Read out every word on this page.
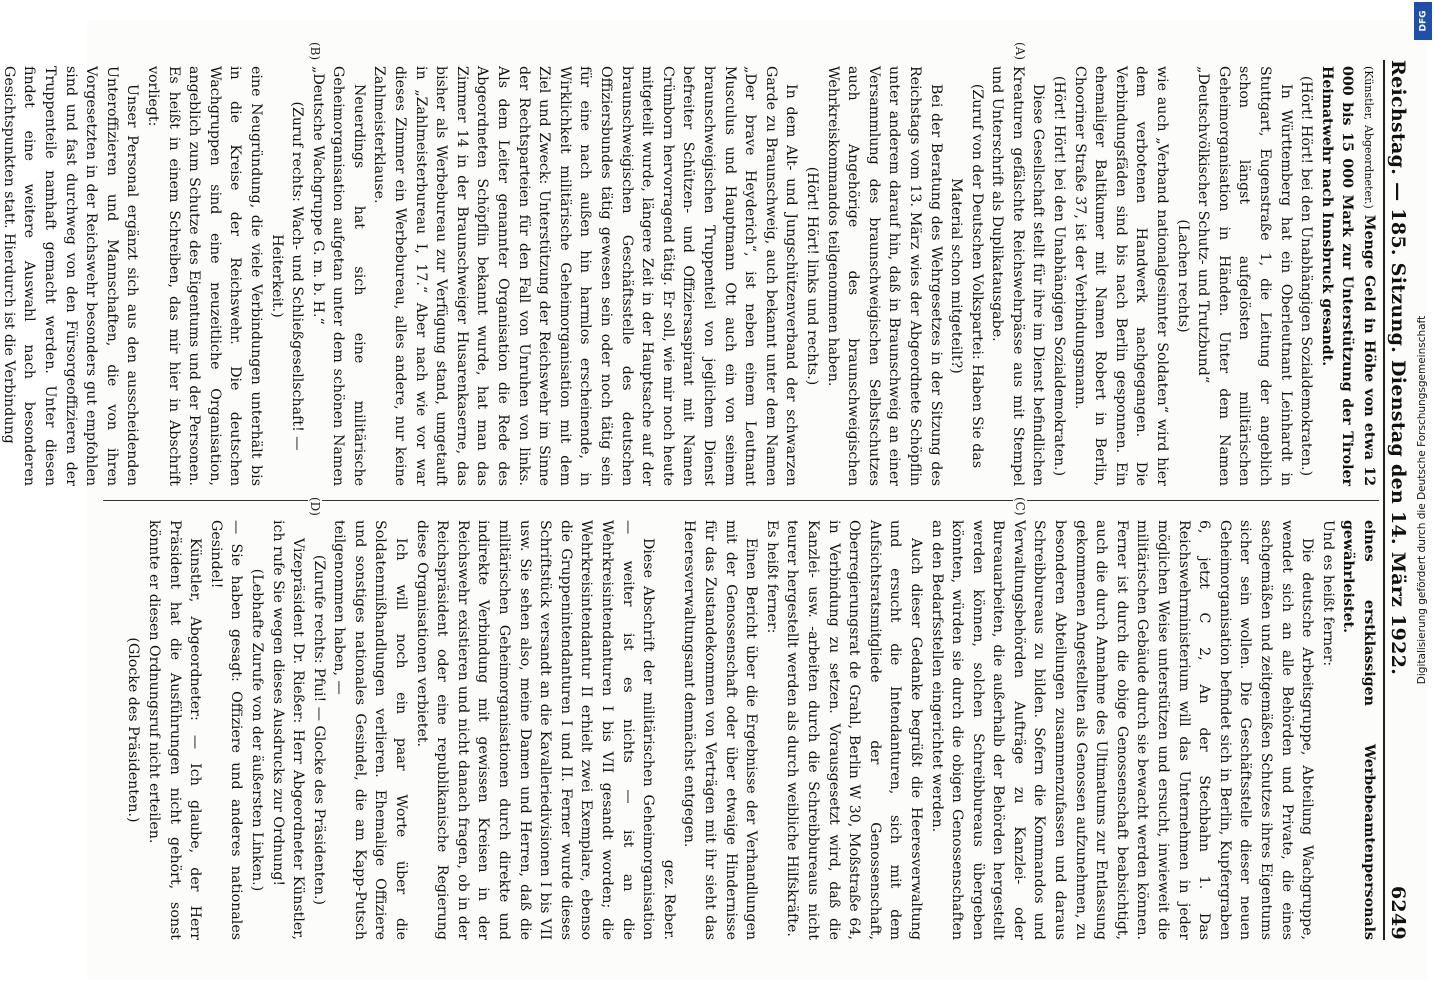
Reichstag. — 185. Sitzung. Dienstag den 14. März 1922.
6249
(A)
(B)

(Künstler, Abgeordneter.) Menge Geld in Höhe von etwa 12 000 bis 15 000 Mark zur Unterstützung der Tiroler Heimatwehr nach Innsbruck gesandt.

(Hört! Hört! bei den Unabhängigen Sozialdemokraten.)

In Württemberg hat ein Oberleutnant Leinhardt in Stuttgart, Eugenstraße 1, die Leitung der angeblich schon längst aufgelösten militärischen Geheimorganisation in Händen. Unter dem Namen „Deutschvölkischer Schutz- und Trutzbund“

(Lachen rechts)

wie auch „Verband nationalgesinnter Soldaten“ wird hier dem verbotenen Handwerk nachgegangen. Die Verbindungsfäden sind bis nach Berlin gesponnen. Ein ehemaliger Baltikumer mit Namen Robert in Berlin, Chooriner Straße 37, ist der Verbindungsmann.

(Hört! Hört! bei den Unabhängigen Sozialdemokraten.)

Diese Gesellschaft stellt für ihre im Dienst befindlichen Kreaturen gefälschte Reichswehrpässe aus mit Stempel und Unterschrift als Duplikatausgabe.

(Zuruf von der Deutschen Volkspartei: Haben Sie das Material schon mitgeteilt?)

Bei der Beratung des Wehrgesetzes in der Sitzung des Reichstags vom 13. März wies der Abgeordnete Schöpflin unter anderem darauf hin, daß in Braunschweig an einer Versammlung des braunschweigischen Selbstschutzes auch Angehörige des braunschweigischen Wehrkreiskommandos teilgenommen haben.

(Hört! Hört! links und rechts.)

In dem Alt- und Jungschützenverband der schwarzen Garde zu Braunschweig, auch bekannt unter dem Namen „Der brave Heyderich“, ist neben einem Leutnant Musculus und Hauptmann Ott auch ein von seinem braunschweigischen Truppenteil von jeglichem Dienst befreiter Schützen- und Offiziersaspirant mit Namen Crümborn hervorragend tätig. Er soll, wie mir noch heute mitgeteilt wurde, längere Zeit in der Hauptsache auf der braunschweigischen Geschäftsstelle des deutschen Offiziersbundes tätig gewesen sein oder noch tätig sein für eine nach außen hin harmlos erscheinende, in Wirklichkeit militärische Geheimorganisation mit dem Ziel und Zweck: Unterstützung der Reichswehr im Sinne der Rechtsparteien für den Fall von Unruhen von links. Als dem Leiter genannter Organisation die Rede des Abgeordneten Schöpflin bekannt wurde, hat man das Zimmer 14 in der Braunschweiger Husarenkaserne, das bisher als Werbebureau zur Verfügung stand, umgetauft in „Zahlmeisterbureau I, 17.“ Aber nach wie vor war dieses Zimmer ein Werbebureau, alles andere, nur keine Zahlmeisterklause.

Neuerdings hat sich eine militärische Geheimorganisation aufgetan unter dem schönen Namen „Deutsche Wachgruppe G. m. b. H.“

(Zuruf rechts: Wach- und Schließgesellschaft! — Heiterkeit.)

eine Neugründung, die viele Verbindungen unterhält bis in die Kreise der Reichswehr. Die deutschen Wachgruppen sind eine neuzeitliche Organisation, angeblich zum Schutze des Eigentums und der Personen. Es heißt in einem Schreiben, das mir hier in Abschrift vorliegt:

Unser Personal ergänzt sich aus den ausscheidenden Unteroffizieren und Mannschaften, die von ihren Vorgesetzten in der Reichswehr besonders gut empfohlen sind und fast durchweg von den Fürsorgeoffizieren der Truppenteile namhaft gemacht werden. Unter diesen findet eine weitere Auswahl nach besonderen Gesichtspunkten statt. Hierdurch ist die Verbindung

(C)
(D)

eines erstklassigen Werbebeamtenpersonals gewährleistet.

Und es heißt ferner:

Die deutsche Arbeitsgruppe, Abteilung Wachgruppe, wendet sich an alle Behörden und Private, die eines sachgemäßen und zeitgemäßen Schutzes ihres Eigentums sicher sein wollen. Die Geschäftsstelle dieser neuen Geheimorganisation befindet sich in Berlin, Kupfergraben 6, jetzt C 2, An der Stechbahn 1. Das Reichswehrministerium will das Unternehmen in jeder möglichen Weise unterstützen und ersucht, inwieweit die militärischen Gebäude durch sie bewacht werden können. Ferner ist durch die obige Genossenschaft beabsichtigt, auch die durch Annahme des Ultimatums zur Entlassung gekommenen Angestellten als Genossen aufzunehmen, zu besonderen Abteilungen zusammenzufassen und daraus Schreibbureaus zu bilden. Sofern die Kommandos und Verwaltungsbehörden Aufträge zu Kanzlei- oder Bureauarbeiten, die außerhalb der Behörden hergestellt werden können, solchen Schreibbureaus übergeben könnten, würden sie durch die obigen Genossenschaften an den Bedarfsstellen eingerichtet werden.

Auch dieser Gedanke begrüßt die Heeresverwaltung und ersucht die Intendanturen, sich mit dem Aufsichtsratsmitgliede der Genossenschaft, Oberregierungsrat de Grahl, Berlin W 30, Moßstraße 64, in Verbindung zu setzen. Vorausgesetzt wird, daß die Kanzlei- usw. -arbeiten durch die Schreibbureaus nicht teurer hergestellt werden als durch weibliche Hilfskräfte.

Es heißt ferner:

Einen Bericht über die Ergebnisse der Verhandlungen mit der Genossenschaft oder über etwaige Hindernisse für das Zustandekommen von Verträgen mit ihr sieht das Heeresverwaltungsamt demnächst entgegen.

gez. Reber.

Diese Abschrift der militärischen Geheimorganisation — weiter ist es nichts — ist an die Wehrkreisintendanturen I bis VII gesandt worden; die Wehrkreisintendantur II erhielt zwei Exemplare, ebenso die Gruppenintendanturen I und II. Ferner wurde dieses Schriftstück versandt an die Kavalleriedivisionen I bis VII usw. Sie sehen also, meine Damen und Herren, daß die militärischen Geheimorganisationen durch direkte und indirekte Verbindung mit gewissen Kreisen in der Reichswehr existieren und nicht danach fragen, ob in der Reichspräsident oder eine republikanische Regierung diese Organisationen verbietet.

Ich will noch ein paar Worte über die Soldatenmißhandlungen verlieren. Ehemalige Offiziere und sonstiges nationales Gesindel, die am Kapp-Putsch teilgenommen haben, —

(Zurufe rechts: Pfui! — Glocke des Präsidenten.)

Vizepräsident Dr. Rießer: Herr Abgeordneter Künstler, ich rufe Sie wegen dieses Ausdrucks zur Ordnung!

(Lebhafte Zurufe von der äußersten Linken.)

— Sie haben gesagt: Offiziere und anderes nationales Gesindel!

Künstler, Abgeordneter: — Ich glaube, der Herr Präsident hat die Ausführungen nicht gehört, sonst könnte er diesen Ordnungsruf nicht erteilen.

(Glocke des Präsidenten.)

Digitalisierung gefördert durch die Deutsche Forschungsgemeinschaft
DFG
